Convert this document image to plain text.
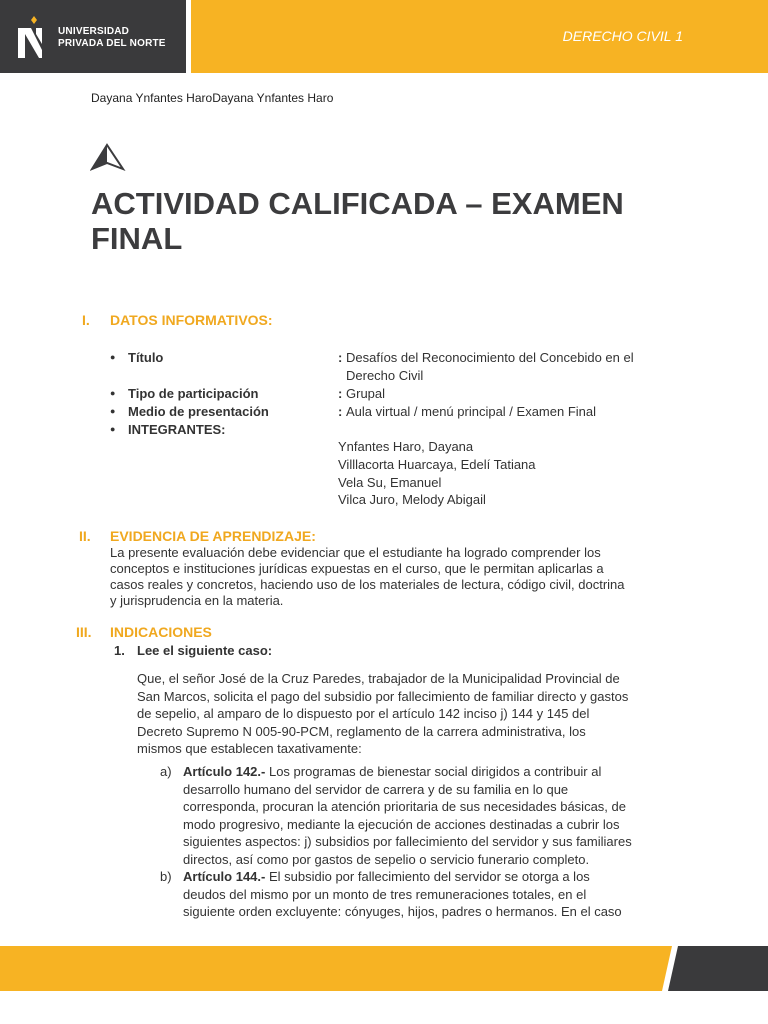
UNIVERSIDAD
PRIVADA DEL NORTE	DERECHO CIVIL 1
Dayana Ynfantes HaroDayana Ynfantes Haro
ACTIVIDAD CALIFICADA – EXAMEN
FINAL
I. DATOS INFORMATIVOS:
● Título	: Desafíos del Reconocimiento del Concebido en el
Derecho Civil
● Tipo de participación	: Grupal
● Medio de presentación	: Aula virtual / menú principal / Examen Final
● INTEGRANTES:
Ynfantes Haro, Dayana
Villlacorta Huarcaya, Edelí Tatiana
Vela Su, Emanuel
Vilca Juro, Melody Abigail
II. EVIDENCIA DE APRENDIZAJE:
La presente evaluación debe evidenciar que el estudiante ha logrado comprender los
conceptos e instituciones jurídicas expuestas en el curso, que le permitan aplicarlas a
casos reales y concretos, haciendo uso de los materiales de lectura, código civil, doctrina
y jurisprudencia en la materia.
III. INDICACIONES
1. Lee el siguiente caso:
Que, el señor José de la Cruz Paredes, trabajador de la Municipalidad Provincial de
San Marcos, solicita el pago del subsidio por fallecimiento de familiar directo y gastos
de sepelio, al amparo de lo dispuesto por el artículo 142 inciso j) 144 y 145 del
Decreto Supremo N 005-90-PCM, reglamento de la carrera administrativa, los
mismos que establecen taxativamente:
a) Artículo 142.- Los programas de bienestar social dirigidos a contribuir al
desarrollo humano del servidor de carrera y de su familia en lo que
corresponda, procuran la atención prioritaria de sus necesidades básicas, de
modo progresivo, mediante la ejecución de acciones destinadas a cubrir los
siguientes aspectos: j) subsidios por fallecimiento del servidor y sus familiares
directos, así como por gastos de sepelio o servicio funerario completo.
b) Artículo 144.- El subsidio por fallecimiento del servidor se otorga a los
deudos del mismo por un monto de tres remuneraciones totales, en el
siguiente orden excluyente: cónyuges, hijos, padres o hermanos. En el caso
